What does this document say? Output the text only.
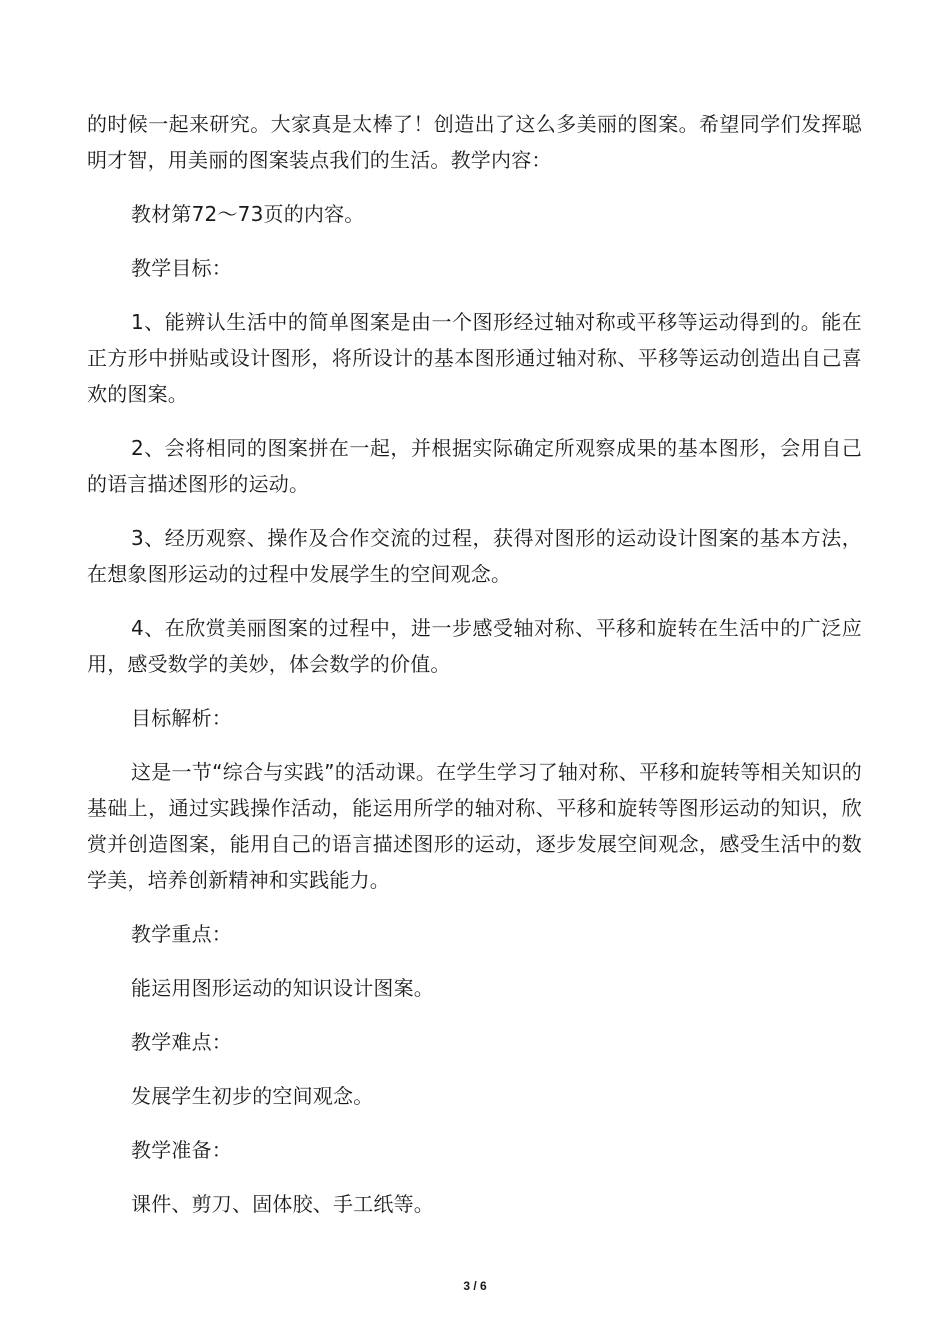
的时候一起来研究。大家真是太棒了！创造出了这么多美丽的图案。希望同学们发挥聪明才智，用美丽的图案装点我们的生活。教学内容：

教材第72～73页的内容。

教学目标：

1、能辨认生活中的简单图案是由一个图形经过轴对称或平移等运动得到的。能在正方形中拼贴或设计图形，将所设计的基本图形通过轴对称、平移等运动创造出自己喜欢的图案。

2、会将相同的图案拼在一起，并根据实际确定所观察成果的基本图形，会用自己的语言描述图形的运动。

3、经历观察、操作及合作交流的过程，获得对图形的运动设计图案的基本方法，在想象图形运动的过程中发展学生的空间观念。

4、在欣赏美丽图案的过程中，进一步感受轴对称、平移和旋转在生活中的广泛应用，感受数学的美妙，体会数学的价值。

目标解析：

这是一节“综合与实践”的活动课。在学生学习了轴对称、平移和旋转等相关知识的基础上，通过实践操作活动，能运用所学的轴对称、平移和旋转等图形运动的知识，欣赏并创造图案，能用自己的语言描述图形的运动，逐步发展空间观念，感受生活中的数学美，培养创新精神和实践能力。

教学重点：

能运用图形运动的知识设计图案。

教学难点：

发展学生初步的空间观念。

教学准备：

课件、剪刀、固体胶、手工纸等。

3 / 6
